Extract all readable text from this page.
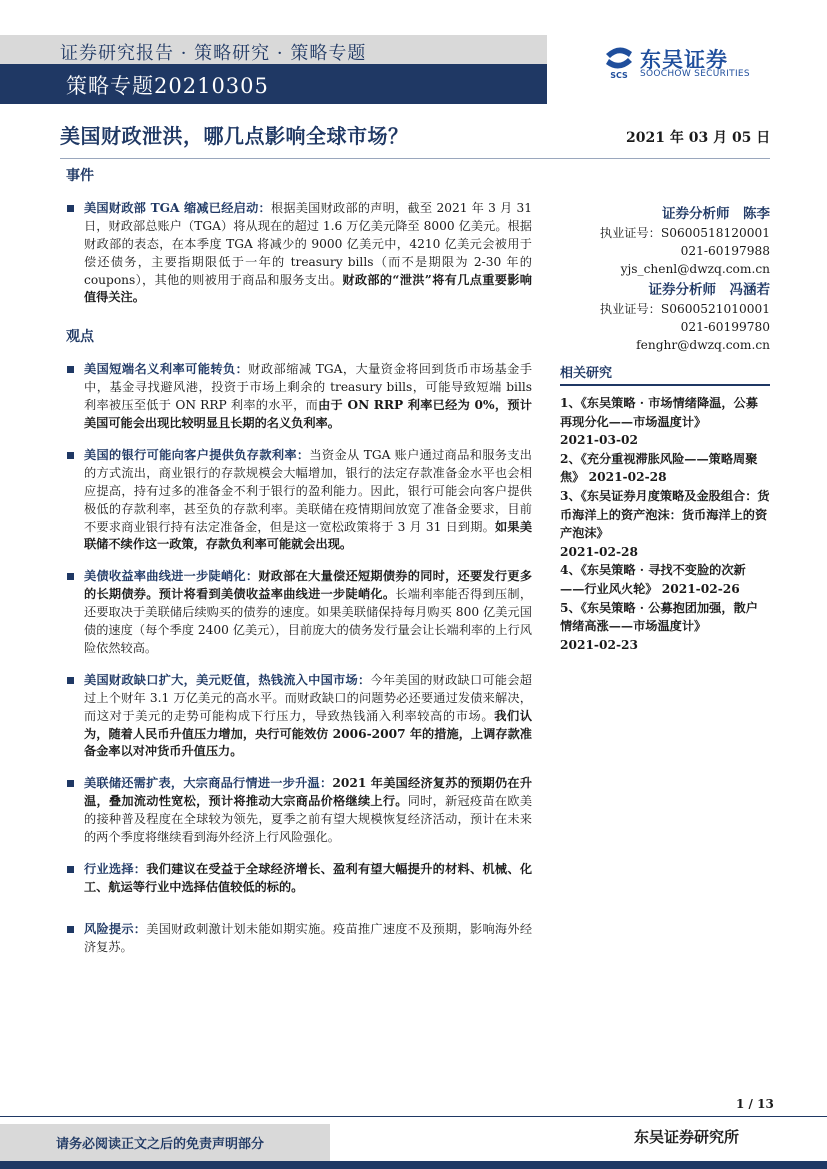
证券研究报告 · 策略研究 · 策略专题
策略专题20210305	SCS
东吴证券
SOOCHOW SECURITIES
美国财政泄洪，哪几点影响全球市场？	2021 年 03 月 05 日
事件
美国财政部 TGA 缩减已经启动：根据美国财政部的声明，截至 2021 年 3 月 31 日，财政部总账户（TGA）将从现在的超过 1.6 万亿美元降至 8000 亿美元。根据财政部的表态，在本季度 TGA 将减少的 9000 亿美元中，4210 亿美元会被用于偿还债务，主要指期限低于一年的 treasury bills（而不是期限为 2-30 年的 coupons），其他的则被用于商品和服务支出。财政部的“泄洪”将有几点重要影响值得关注。
观点
美国短端名义利率可能转负：财政部缩减 TGA，大量资金将回到货币市场基金手中，基金寻找避风港，投资于市场上剩余的 treasury bills，可能导致短端 bills 利率被压至低于 ON RRP 利率的水平，而由于 ON RRP 利率已经为 0%，预计美国可能会出现比较明显且长期的名义负利率。
美国的银行可能向客户提供负存款利率：当资金从 TGA 账户通过商品和服务支出的方式流出，商业银行的存款规模会大幅增加，银行的法定存款准备金水平也会相应提高，持有过多的准备金不利于银行的盈利能力。因此，银行可能会向客户提供极低的存款利率，甚至负的存款利率。美联储在疫情期间放宽了准备金要求，目前不要求商业银行持有法定准备金，但是这一宽松政策将于 3 月 31 日到期。如果美联储不续作这一政策，存款负利率可能就会出现。
美债收益率曲线进一步陡峭化：财政部在大量偿还短期债券的同时，还要发行更多的长期债券。预计将看到美债收益率曲线进一步陡峭化。长端利率能否得到压制，还要取决于美联储后续购买的债券的速度。如果美联储保持每月购买 800 亿美元国债的速度（每个季度 2400 亿美元），目前庞大的债务发行量会让长端利率的上行风险依然较高。
美国财政缺口扩大，美元贬值，热钱流入中国市场：今年美国的财政缺口可能会超过上个财年 3.1 万亿美元的高水平。而财政缺口的问题势必还要通过发债来解决，而这对于美元的走势可能构成下行压力，导致热钱涌入利率较高的市场。我们认为，随着人民币升值压力增加，央行可能效仿 2006-2007 年的措施，上调存款准备金率以对冲货币升值压力。
美联储还需扩表，大宗商品行情进一步升温：2021 年美国经济复苏的预期仍在升温，叠加流动性宽松，预计将推动大宗商品价格继续上行。同时，新冠疫苗在欧美的接种普及程度在全球较为领先，夏季之前有望大规模恢复经济活动，预计在未来的两个季度将继续看到海外经济上行风险强化。
行业选择：我们建议在受益于全球经济增长、盈利有望大幅提升的材料、机械、化工、航运等行业中选择估值较低的标的。
风险提示：美国财政刺激计划未能如期实施。疫苗推广速度不及预期，影响海外经济复苏。
证券分析师　陈李
执业证号：S0600518120001
021-60197988
yjs_chenl@dwzq.com.cn
证券分析师　冯涵若
执业证号：S0600521010001
021-60199780
fenghr@dwzq.com.cn
相关研究
1、《东吴策略 · 市场情绪降温，公募再现分化——市场温度计》
2021-03-02
2、《充分重视滞胀风险——策略周聚焦》 2021-02-28
3、《东吴证券月度策略及金股组合：货币海洋上的资产泡沫：货币海洋上的资产泡沫》
2021-02-28
4、《东吴策略 · 寻找不变脸的次新——行业风火轮》 2021-02-26
5、《东吴策略 · 公募抱团加强，散户情绪高涨——市场温度计》
2021-02-23
1 / 13
请务必阅读正文之后的免责声明部分	东吴证券研究所
